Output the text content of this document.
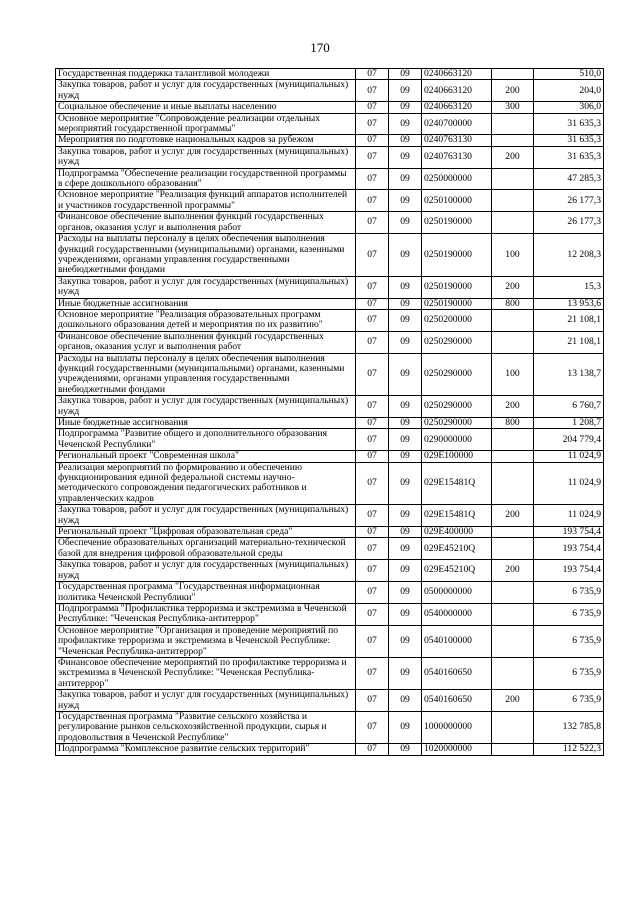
170
Государственная поддержка талантливой молодежи	07	09	0240663120		510,0
Закупка товаров, работ и услуг для государственных (муниципальных) нужд	07	09	0240663120	200	204,0
Социальное обеспечение и иные выплаты населению	07	09	0240663120	300	306,0
Основное мероприятие "Сопровождение реализации отдельных мероприятий государственной программы"	07	09	0240700000		31 635,3
Мероприятия по подготовке национальных кадров за рубежом	07	09	0240763130		31 635,3
Закупка товаров, работ и услуг для государственных (муниципальных) нужд	07	09	0240763130	200	31 635,3
Подпрограмма "Обеспечение реализации государственной программы в сфере дошкольного образования"	07	09	0250000000		47 285,3
Основное мероприятие "Реализация функций аппаратов исполнителей и участников государственной программы"	07	09	0250100000		26 177,3
Финансовое обеспечение выполнения функций государственных органов, оказания услуг и выполнения работ	07	09	0250190000		26 177,3
Расходы на выплаты персоналу в целях обеспечения выполнения функций государственными (муниципальными) органами, казенными учреждениями, органами управления государственными внебюджетными фондами	07	09	0250190000	100	12 208,3
Закупка товаров, работ и услуг для государственных (муниципальных) нужд	07	09	0250190000	200	15,3
Иные бюджетные ассигнования	07	09	0250190000	800	13 953,6
Основное мероприятие "Реализация образовательных программ дошкольного образования детей и мероприятия по их развитию"	07	09	0250200000		21 108,1
Финансовое обеспечение выполнения функций государственных органов, оказания услуг и выполнения работ	07	09	0250290000		21 108,1
Расходы на выплаты персоналу в целях обеспечения выполнения функций государственными (муниципальными) органами, казенными учреждениями, органами управления государственными внебюджетными фондами	07	09	0250290000	100	13 138,7
Закупка товаров, работ и услуг для государственных (муниципальных) нужд	07	09	0250290000	200	6 760,7
Иные бюджетные ассигнования	07	09	0250290000	800	1 208,7
Подпрограмма "Развитие общего и дополнительного образования Чеченской Республики"	07	09	0290000000		204 779,4
Региональный проект "Современная школа"	07	09	029E100000		11 024,9
Реализация мероприятий по формированию и обеспечению функционирования единой федеральной системы научно-методического сопровождения педагогических работников и управленческих кадров	07	09	029E15481Q		11 024,9
Закупка товаров, работ и услуг для государственных (муниципальных) нужд	07	09	029E15481Q	200	11 024,9
Региональный проект "Цифровая образовательная среда"	07	09	029E400000		193 754,4
Обеспечение образовательных организаций материально-технической базой для внедрения цифровой образовательной среды	07	09	029E45210Q		193 754,4
Закупка товаров, работ и услуг для государственных (муниципальных) нужд	07	09	029E45210Q	200	193 754,4
Государственная программа "Государственная информационная политика Чеченской Республики"	07	09	0500000000		6 735,9
Подпрограмма "Профилактика терроризма и экстремизма в Чеченской Республике: "Чеченская Республика-антитеррор"	07	09	0540000000		6 735,9
Основное мероприятие "Организация и проведение мероприятий по профилактике терроризма и экстремизма в Чеченской Республике: "Чеченская Республика-антитеррор"	07	09	0540100000		6 735,9
Финансовое обеспечение мероприятий по профилактике терроризма и экстремизма в Чеченской Республике: "Чеченская Республика-антитеррор"	07	09	0540160650		6 735,9
Закупка товаров, работ и услуг для государственных (муниципальных) нужд	07	09	0540160650	200	6 735,9
Государственная программа "Развитие сельского хозяйства и регулирование рынков сельскохозяйственной продукции, сырья и продовольствия в Чеченской Республике"	07	09	1000000000		132 785,8
Подпрограмма "Комплексное развитие сельских территорий"	07	09	1020000000		112 522,3
